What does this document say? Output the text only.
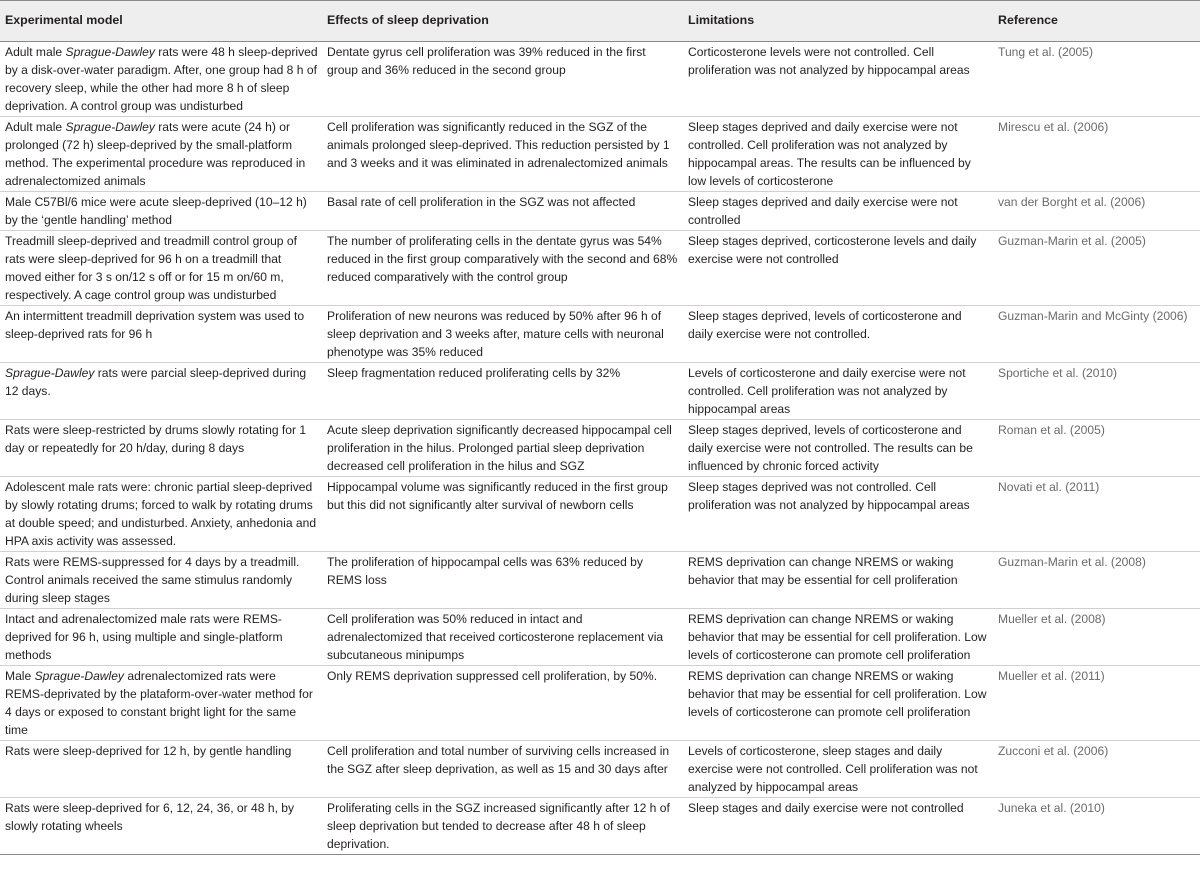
Experimental model	Effects of sleep deprivation	Limitations	Reference
Adult male Sprague-Dawley rats were 48 h sleep-deprived by a disk-over-water paradigm. After, one group had 8 h of recovery sleep, while the other had more 8 h of sleep deprivation. A control group was undisturbed	Dentate gyrus cell proliferation was 39% reduced in the first group and 36% reduced in the second group	Corticosterone levels were not controlled. Cell proliferation was not analyzed by hippocampal areas	Tung et al. (2005)
Adult male Sprague-Dawley rats were acute (24 h) or prolonged (72 h) sleep-deprived by the small-platform method. The experimental procedure was reproduced in adrenalectomized animals	Cell proliferation was significantly reduced in the SGZ of the animals prolonged sleep-deprived. This reduction persisted by 1 and 3 weeks and it was eliminated in adrenalectomized animals	Sleep stages deprived and daily exercise were not controlled. Cell proliferation was not analyzed by hippocampal areas. The results can be influenced by low levels of corticosterone	Mirescu et al. (2006)
Male C57Bl/6 mice were acute sleep-deprived (10–12 h) by the ‘gentle handling’ method	Basal rate of cell proliferation in the SGZ was not affected	Sleep stages deprived and daily exercise were not controlled	van der Borght et al. (2006)
Treadmill sleep-deprived and treadmill control group of rats were sleep-deprived for 96 h on a treadmill that moved either for 3 s on/12 s off or for 15 m on/60 m, respectively. A cage control group was undisturbed	The number of proliferating cells in the dentate gyrus was 54% reduced in the first group comparatively with the second and 68% reduced comparatively with the control group	Sleep stages deprived, corticosterone levels and daily exercise were not controlled	Guzman-Marin et al. (2005)
An intermittent treadmill deprivation system was used to sleep-deprived rats for 96 h	Proliferation of new neurons was reduced by 50% after 96 h of sleep deprivation and 3 weeks after, mature cells with neuronal phenotype was 35% reduced	Sleep stages deprived, levels of corticosterone and daily exercise were not controlled.	Guzman-Marin and McGinty (2006)
Sprague-Dawley rats were parcial sleep-deprived during 12 days.	Sleep fragmentation reduced proliferating cells by 32%	Levels of corticosterone and daily exercise were not controlled. Cell proliferation was not analyzed by hippocampal areas	Sportiche et al. (2010)
Rats were sleep-restricted by drums slowly rotating for 1 day or repeatedly for 20 h/day, during 8 days	Acute sleep deprivation significantly decreased hippocampal cell proliferation in the hilus. Prolonged partial sleep deprivation decreased cell proliferation in the hilus and SGZ	Sleep stages deprived, levels of corticosterone and daily exercise were not controlled. The results can be influenced by chronic forced activity	Roman et al. (2005)
Adolescent male rats were: chronic partial sleep-deprived by slowly rotating drums; forced to walk by rotating drums at double speed; and undisturbed. Anxiety, anhedonia and HPA axis activity was assessed.	Hippocampal volume was significantly reduced in the first group but this did not significantly alter survival of newborn cells	Sleep stages deprived was not controlled. Cell proliferation was not analyzed by hippocampal areas	Novati et al. (2011)
Rats were REMS-suppressed for 4 days by a treadmill. Control animals received the same stimulus randomly during sleep stages	The proliferation of hippocampal cells was 63% reduced by REMS loss	REMS deprivation can change NREMS or waking behavior that may be essential for cell proliferation	Guzman-Marin et al. (2008)
Intact and adrenalectomized male rats were REMS-deprived for 96 h, using multiple and single-platform methods	Cell proliferation was 50% reduced in intact and adrenalectomized that received corticosterone replacement via subcutaneous minipumps	REMS deprivation can change NREMS or waking behavior that may be essential for cell proliferation. Low levels of corticosterone can promote cell proliferation	Mueller et al. (2008)
Male Sprague-Dawley adrenalectomized rats were REMS-deprivated by the plataform-over-water method for 4 days or exposed to constant bright light for the same time	Only REMS deprivation suppressed cell proliferation, by 50%.	REMS deprivation can change NREMS or waking behavior that may be essential for cell proliferation. Low levels of corticosterone can promote cell proliferation	Mueller et al. (2011)
Rats were sleep-deprived for 12 h, by gentle handling	Cell proliferation and total number of surviving cells increased in the SGZ after sleep deprivation, as well as 15 and 30 days after	Levels of corticosterone, sleep stages and daily exercise were not controlled. Cell proliferation was not analyzed by hippocampal areas	Zucconi et al. (2006)
Rats were sleep-deprived for 6, 12, 24, 36, or 48 h, by slowly rotating wheels	Proliferating cells in the SGZ increased significantly after 12 h of sleep deprivation but tended to decrease after 48 h of sleep deprivation.	Sleep stages and daily exercise were not controlled	Juneka et al. (2010)
